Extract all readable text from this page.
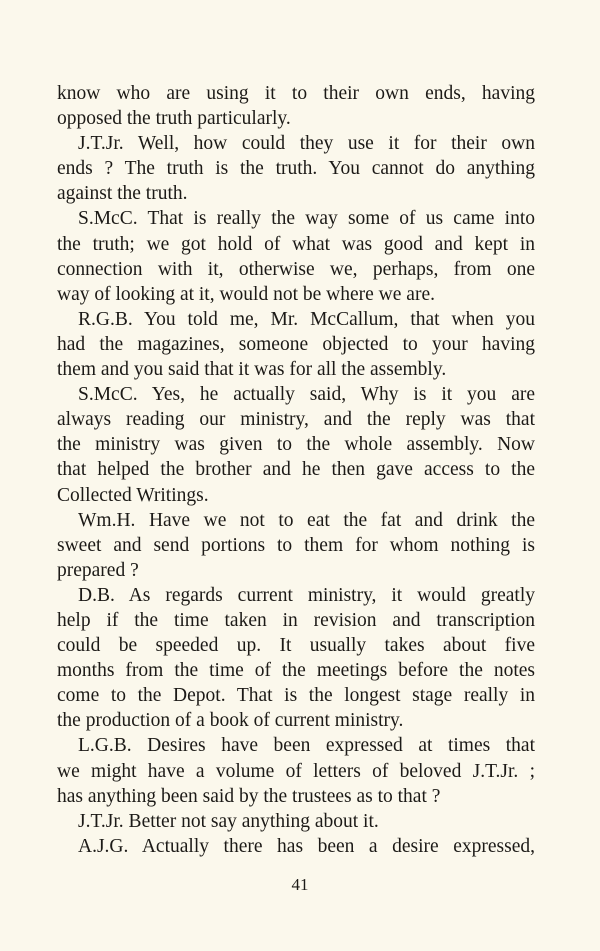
know who are using it to their own ends, having
opposed the truth particularly.
J.T.Jr. Well, how could they use it for their own
ends ? The truth is the truth. You cannot do anything
against the truth.
S.McC. That is really the way some of us came into
the truth; we got hold of what was good and kept in
connection with it, otherwise we, perhaps, from one
way of looking at it, would not be where we are.
R.G.B. You told me, Mr. McCallum, that when you
had the magazines, someone objected to your having
them and you said that it was for all the assembly.
S.McC. Yes, he actually said, Why is it you are
always reading our ministry, and the reply was that
the ministry was given to the whole assembly. Now
that helped the brother and he then gave access to the
Collected Writings.
Wm.H. Have we not to eat the fat and drink the
sweet and send portions to them for whom nothing is
prepared ?
D.B. As regards current ministry, it would greatly
help if the time taken in revision and transcription
could be speeded up. It usually takes about five
months from the time of the meetings before the notes
come to the Depot. That is the longest stage really in
the production of a book of current ministry.
L.G.B. Desires have been expressed at times that
we might have a volume of letters of beloved J.T.Jr. ;
has anything been said by the trustees as to that ?
J.T.Jr. Better not say anything about it.
A.J.G. Actually there has been a desire expressed,
41
